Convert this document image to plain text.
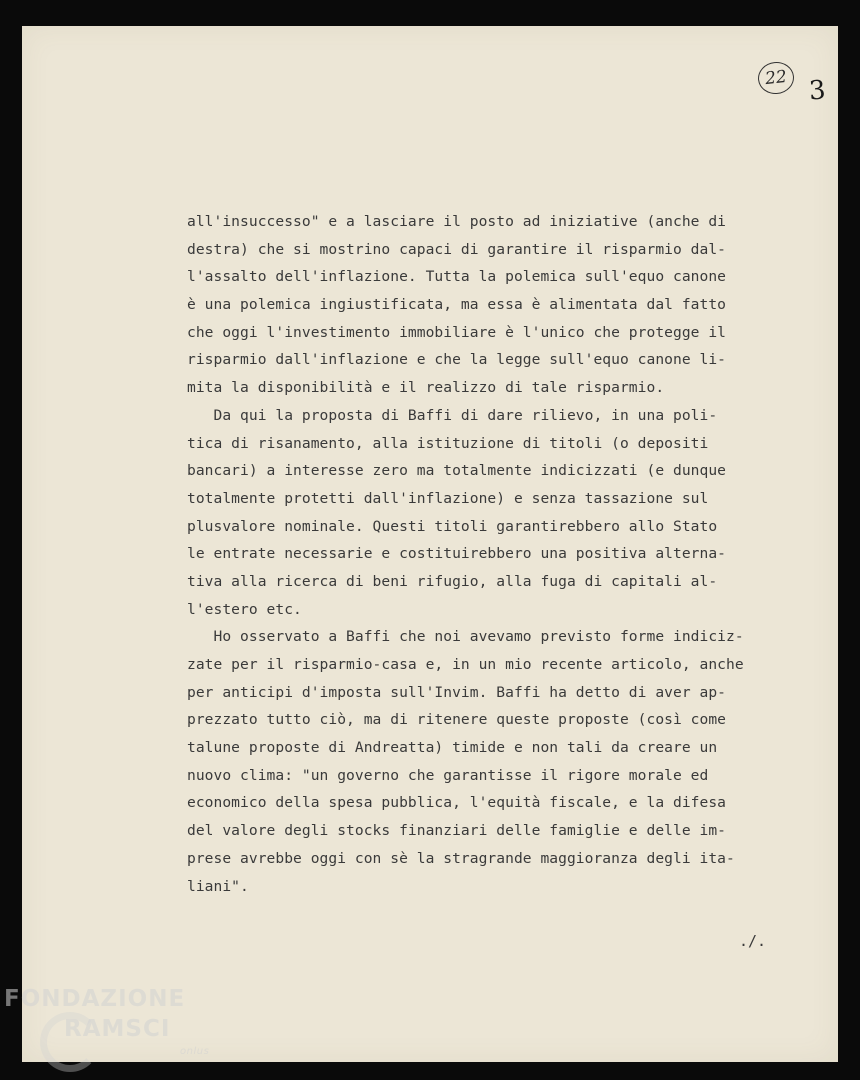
22 3
all'insuccesso" e a lasciare il posto ad iniziative (anche di
destra) che si mostrino capaci di garantire il risparmio dal-
l'assalto dell'inflazione. Tutta la polemica sull'equo canone
è una polemica ingiustificata, ma essa è alimentata dal fatto
che oggi l'investimento immobiliare è l'unico che protegge il
risparmio dall'inflazione e che la legge sull'equo canone li-
mita la disponibilità e il realizzo di tale risparmio.
Da qui la proposta di Baffi di dare rilievo, in una poli-
tica di risanamento, alla istituzione di titoli (o depositi
bancari) a interesse zero ma totalmente indicizzati (e dunque
totalmente protetti dall'inflazione) e senza tassazione sul
plusvalore nominale. Questi titoli garantirebbero allo Stato
le entrate necessarie e costituirebbero una positiva alterna-
tiva alla ricerca di beni rifugio, alla fuga di capitali al-
l'estero etc.
Ho osservato a Baffi che noi avevamo previsto forme indiciz-
zate per il risparmio-casa e, in un mio recente articolo, anche
per anticipi d'imposta sull'Invim. Baffi ha detto di aver ap-
prezzato tutto ciò, ma di ritenere queste proposte (così come
talune proposte di Andreatta) timide e non tali da creare un
nuovo clima: "un governo che garantisse il rigore morale ed
economico della spesa pubblica, l'equità fiscale, e la difesa
del valore degli stocks finanziari delle famiglie e delle im-
prese avrebbe oggi con sè la stragrande maggioranza degli ita-
liani".
./.
FONDAZIONE
RAMSCI
onlus
